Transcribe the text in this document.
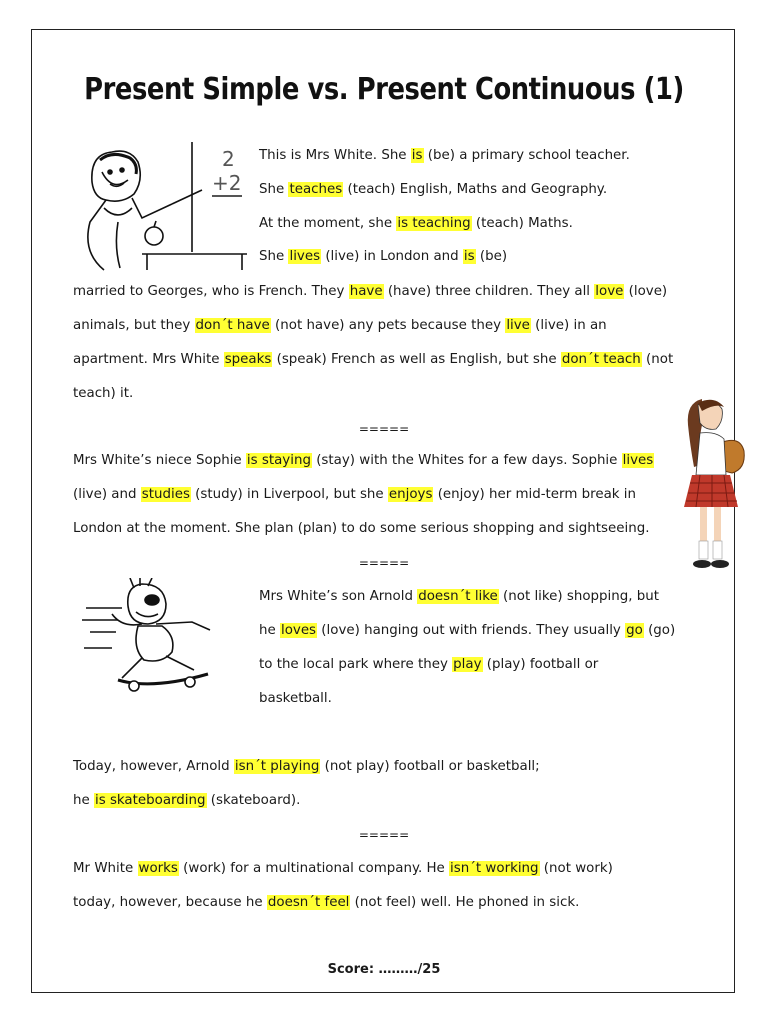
Present Simple vs. Present Continuous (1)
2
+2
This is Mrs White. She is (be) a primary school teacher.
She teaches (teach) English, Maths and Geography.
At the moment, she is teaching (teach) Maths.
She lives (live) in London and is (be)
married to Georges, who is French. They have (have) three children. They all love (love)
animals, but they don´t have (not have) any pets because they live (live) in an
apartment. Mrs White speaks (speak) French as well as English, but she don´t teach (not
teach) it.
=====
Mrs White’s niece Sophie is staying (stay) with the Whites for a few days. Sophie lives
(live) and studies (study) in Liverpool, but she enjoys (enjoy) her mid-term break in
London at the moment. She plan (plan) to do some serious shopping and sightseeing.
=====
Mrs White’s son Arnold doesn´t like (not like) shopping, but
he loves (love) hanging out with friends. They usually go (go)
to the local park where they play (play) football or
basketball.
Today, however, Arnold isn´t playing (not play) football or basketball;
he is skateboarding (skateboard).
=====
Mr White works (work) for a multinational company. He isn´t working (not work)
today, however, because he doesn´t feel (not feel) well. He phoned in sick.
Score: ………/25
